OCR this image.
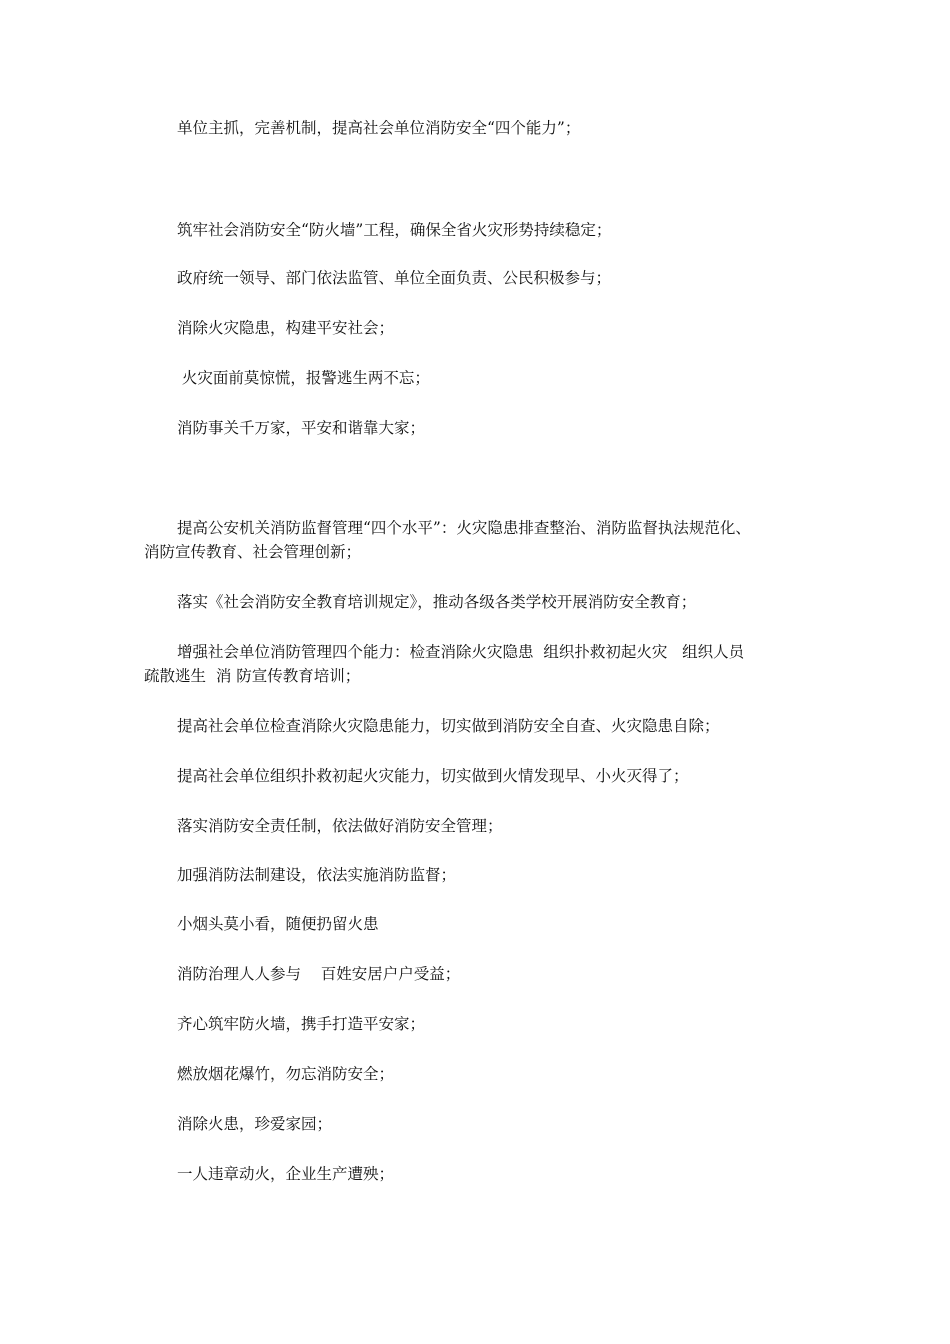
单位主抓，完善机制，提高社会单位消防安全“四个能力”；
筑牢社会消防安全“防火墙”工程，确保全省火灾形势持续稳定；
政府统一领导、部门依法监管、单位全面负责、公民积极参与；
消除火灾隐患，构建平安社会；
火灾面前莫惊慌，报警逃生两不忘；
消防事关千万家，平安和谐靠大家；
提高公安机关消防监督管理“四个水平”：火灾隐患排查整治、消防监督执法规范化、
消防宣传教育、社会管理创新；
落实《社会消防安全教育培训规定》，推动各级各类学校开展消防安全教育；
增强社会单位消防管理四个能力：检查消除火灾隐患  组织扑救初起火灾   组织人员
疏散逃生  消 防宣传教育培训；
提高社会单位检查消除火灾隐患能力，切实做到消防安全自查、火灾隐患自除；
提高社会单位组织扑救初起火灾能力，切实做到火情发现早、小火灭得了；
落实消防安全责任制，依法做好消防安全管理；
加强消防法制建设，依法实施消防监督；
小烟头莫小看，随便扔留火患
消防治理人人参与    百姓安居户户受益；
齐心筑牢防火墙，携手打造平安家；
燃放烟花爆竹，勿忘消防安全；
消除火患，珍爱家园；
一人违章动火，企业生产遭殃；
